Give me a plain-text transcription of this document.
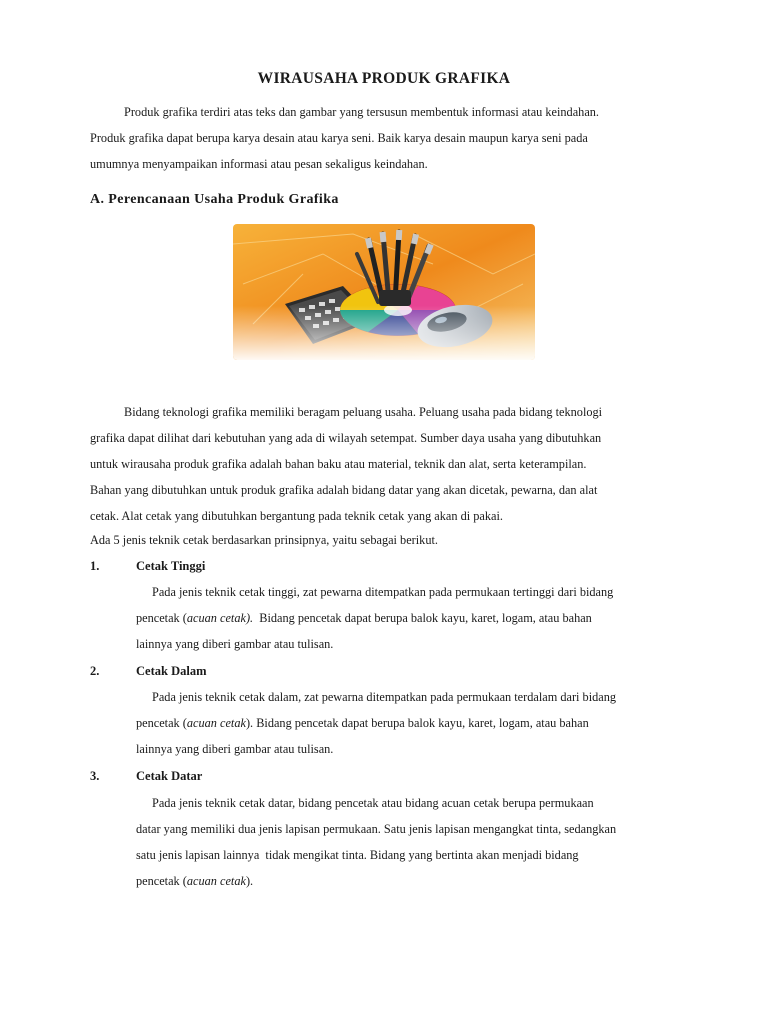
WIRAUSAHA PRODUK GRAFIKA

Produk grafika terdiri atas teks dan gambar yang tersusun membentuk informasi atau keindahan.
Produk grafika dapat berupa karya desain atau karya seni. Baik karya desain maupun karya seni pada
umumnya menyampaikan informasi atau pesan sekaligus keindahan.

A. Perencanaan Usaha Produk Grafika

Bidang teknologi grafika memiliki beragam peluang usaha. Peluang usaha pada bidang teknologi
grafika dapat dilihat dari kebutuhan yang ada di wilayah setempat. Sumber daya usaha yang dibutuhkan
untuk wirausaha produk grafika adalah bahan baku atau material, teknik dan alat, serta keterampilan.
Bahan yang dibutuhkan untuk produk grafika adalah bidang datar yang akan dicetak, pewarna, dan alat
cetak. Alat cetak yang dibutuhkan bergantung pada teknik cetak yang akan di pakai.

Ada 5 jenis teknik cetak berdasarkan prinsipnya, yaitu sebagai berikut.

1.	Cetak Tinggi

Pada jenis teknik cetak tinggi, zat pewarna ditempatkan pada permukaan tertinggi dari bidang
pencetak (acuan cetak).  Bidang pencetak dapat berupa balok kayu, karet, logam, atau bahan
lainnya yang diberi gambar atau tulisan.

2.	Cetak Dalam

Pada jenis teknik cetak dalam, zat pewarna ditempatkan pada permukaan terdalam dari bidang
pencetak (acuan cetak). Bidang pencetak dapat berupa balok kayu, karet, logam, atau bahan
lainnya yang diberi gambar atau tulisan.

3.	Cetak Datar

Pada jenis teknik cetak datar, bidang pencetak atau bidang acuan cetak berupa permukaan
datar yang memiliki dua jenis lapisan permukaan. Satu jenis lapisan mengangkat tinta, sedangkan
satu jenis lapisan lainnya  tidak mengikat tinta. Bidang yang bertinta akan menjadi bidang
pencetak (acuan cetak).
